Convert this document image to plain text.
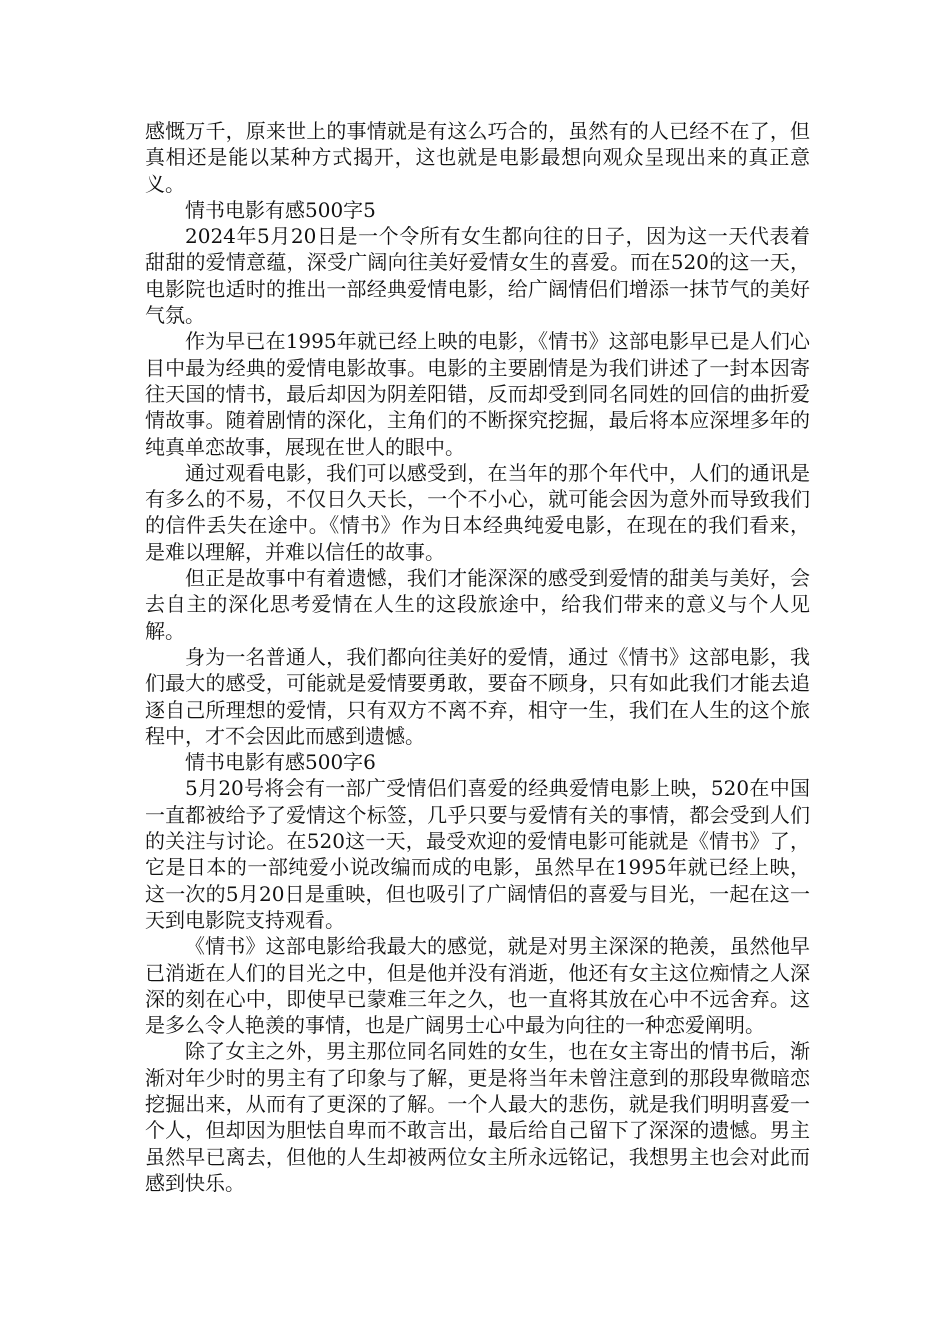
感慨万千，原来世上的事情就是有这么巧合的，虽然有的人已经不在了，但真相还是能以某种方式揭开，这也就是电影最想向观众呈现出来的真正意义。

情书电影有感500字5

2024年5月20日是一个令所有女生都向往的日子，因为这一天代表着甜甜的爱情意蕴，深受广阔向往美好爱情女生的喜爱。而在520的这一天，电影院也适时的推出一部经典爱情电影，给广阔情侣们增添一抹节气的美好气氛。

作为早已在1995年就已经上映的电影，《情书》这部电影早已是人们心目中最为经典的爱情电影故事。电影的主要剧情是为我们讲述了一封本因寄往天国的情书，最后却因为阴差阳错，反而却受到同名同姓的回信的曲折爱情故事。随着剧情的深化，主角们的不断探究挖掘，最后将本应深埋多年的纯真单恋故事，展现在世人的眼中。

通过观看电影，我们可以感受到，在当年的那个年代中，人们的通讯是有多么的不易，不仅日久天长，一个不小心，就可能会因为意外而导致我们的信件丢失在途中。《情书》作为日本经典纯爱电影，在现在的我们看来，是难以理解，并难以信任的故事。

但正是故事中有着遗憾，我们才能深深的感受到爱情的甜美与美好，会去自主的深化思考爱情在人生的这段旅途中，给我们带来的意义与个人见解。

身为一名普通人，我们都向往美好的爱情，通过《情书》这部电影，我们最大的感受，可能就是爱情要勇敢，要奋不顾身，只有如此我们才能去追逐自己所理想的爱情，只有双方不离不弃，相守一生，我们在人生的这个旅程中，才不会因此而感到遗憾。

情书电影有感500字6

5月20号将会有一部广受情侣们喜爱的经典爱情电影上映，520在中国一直都被给予了爱情这个标签，几乎只要与爱情有关的事情，都会受到人们的关注与讨论。在520这一天，最受欢迎的爱情电影可能就是《情书》了，它是日本的一部纯爱小说改编而成的电影，虽然早在1995年就已经上映，这一次的5月20日是重映，但也吸引了广阔情侣的喜爱与目光，一起在这一天到电影院支持观看。

《情书》这部电影给我最大的感觉，就是对男主深深的艳羡，虽然他早已消逝在人们的目光之中，但是他并没有消逝，他还有女主这位痴情之人深深的刻在心中，即使早已蒙难三年之久，也一直将其放在心中不远舍弃。这是多么令人艳羡的事情，也是广阔男士心中最为向往的一种恋爱阐明。

除了女主之外，男主那位同名同姓的女生，也在女主寄出的情书后，渐渐对年少时的男主有了印象与了解，更是将当年未曾注意到的那段卑微暗恋挖掘出来，从而有了更深的了解。一个人最大的悲伤，就是我们明明喜爱一个人，但却因为胆怯自卑而不敢言出，最后给自己留下了深深的遗憾。男主虽然早已离去，但他的人生却被两位女主所永远铭记，我想男主也会对此而感到快乐。
